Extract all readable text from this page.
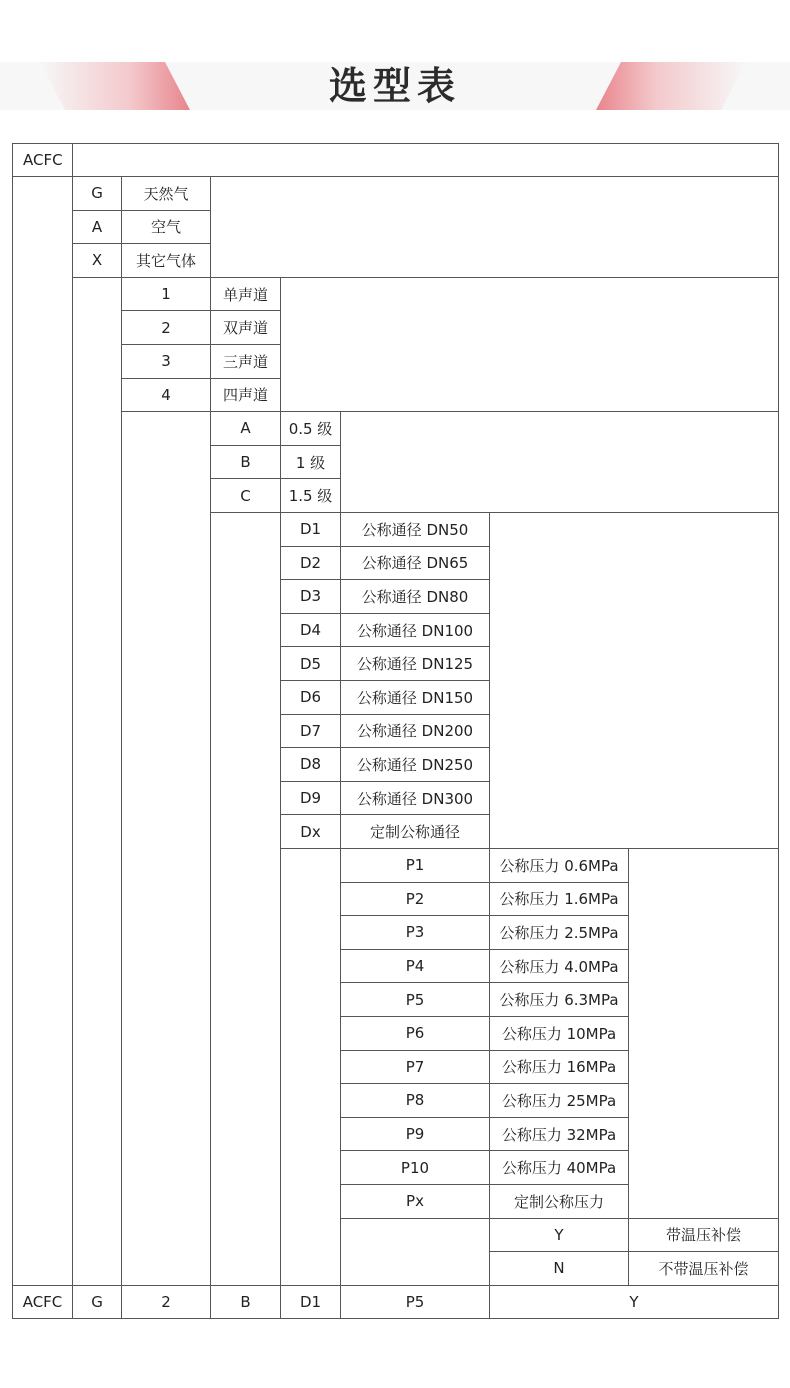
选型表
ACFC
G	天然气
A	空气
X	其它气体
1	单声道
2	双声道
3	三声道
4	四声道
A	0.5 级
B	1 级
C	1.5 级
D1	公称通径 DN50
D2	公称通径 DN65
D3	公称通径 DN80
D4	公称通径 DN100
D5	公称通径 DN125
D6	公称通径 DN150
D7	公称通径 DN200
D8	公称通径 DN250
D9	公称通径 DN300
Dx	定制公称通径
P1	公称压力 0.6MPa
P2	公称压力 1.6MPa
P3	公称压力 2.5MPa
P4	公称压力 4.0MPa
P5	公称压力 6.3MPa
P6	公称压力 10MPa
P7	公称压力 16MPa
P8	公称压力 25MPa
P9	公称压力 32MPa
P10	公称压力 40MPa
Px	定制公称压力
Y	带温压补偿
N	不带温压补偿
ACFC	G	2	B	D1	P5	Y
